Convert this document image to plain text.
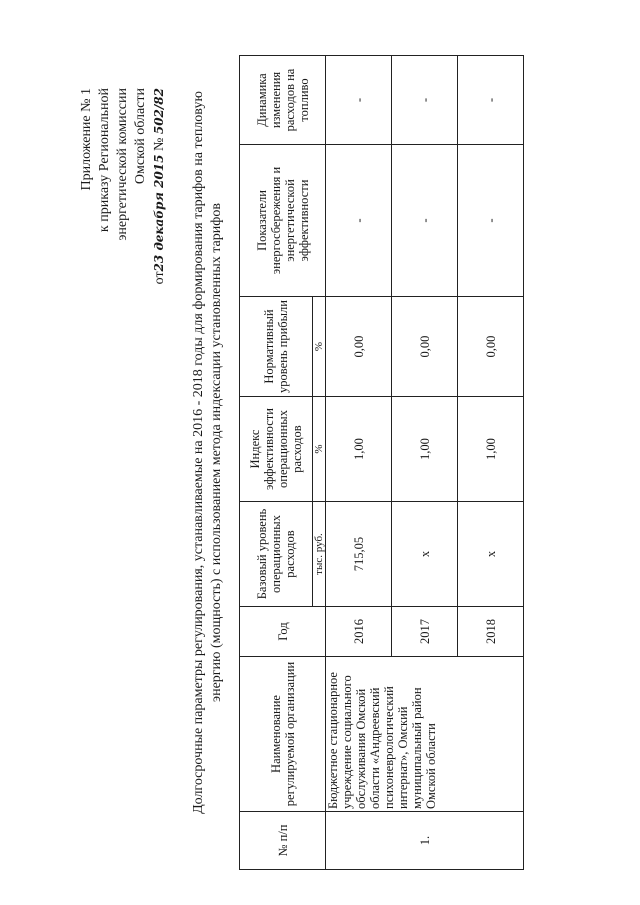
Приложение № 1 к приказу Региональной энергетической комиссии Омской области
от23 декабря 2015 № 502/82 Долгосрочные параметры регулирования, устанавливаемые на 2016 - 2018 годы для формирования тарифов на тепловую энергию (мощность) с использованием метода индексации установленных тарифов
№ п/п	Наименование регулируемой организации	Год	Базовый уровень операционных расходов	Индекс эффективности операционных расходов	Нормативный уровень прибыли	Показатели энергосбережения и энергетической эффективности	Динамика изменения расходов на топливо
			тыс. руб.	%	%		
1.	Бюджетное стационарное учреждение социального обслуживания Омской области «Андреевский психоневрологический интернат», Омский муниципальный район Омской области	2016	715,05	1,00	0,00	-	-
		2017	х	1,00	0,00	-	-
		2018	х	1,00	0,00	-	-
